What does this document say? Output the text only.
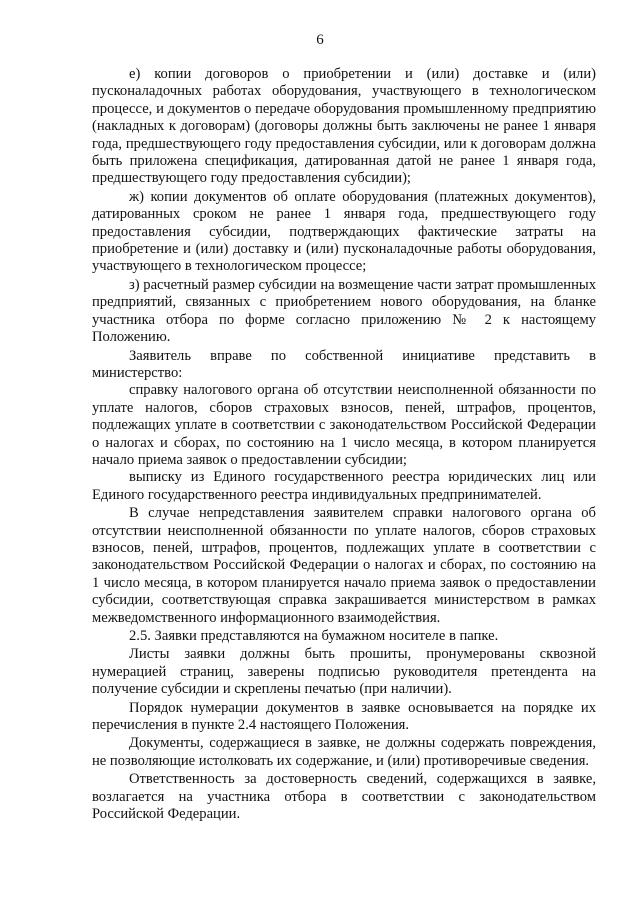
6

е) копии договоров о приобретении и (или) доставке и (или) пусконаладочных работах оборудования, участвующего в технологическом процессе, и документов о передаче оборудования промышленному предприятию (накладных к договорам) (договоры должны быть заключены не ранее 1 января года, предшествующего году предоставления субсидии, или к договорам должна быть приложена спецификация, датированная датой не ранее 1 января года, предшествующего году предоставления субсидии);

ж) копии документов об оплате оборудования (платежных документов), датированных сроком не ранее 1 января года, предшествующего году предоставления субсидии, подтверждающих фактические затраты на приобретение и (или) доставку и (или) пусконаладочные работы оборудования, участвующего в технологическом процессе;

з) расчетный размер субсидии на возмещение части затрат промышленных предприятий, связанных с приобретением нового оборудования, на бланке участника отбора по форме согласно приложению № 2 к настоящему Положению.

Заявитель вправе по собственной инициативе представить в министерство:

справку налогового органа об отсутствии неисполненной обязанности по уплате налогов, сборов страховых взносов, пеней, штрафов, процентов, подлежащих уплате в соответствии с законодательством Российской Федерации о налогах и сборах, по состоянию на 1 число месяца, в котором планируется начало приема заявок о предоставлении субсидии;

выписку из Единого государственного реестра юридических лиц или Единого государственного реестра индивидуальных предпринимателей.

В случае непредставления заявителем справки налогового органа об отсутствии неисполненной обязанности по уплате налогов, сборов страховых взносов, пеней, штрафов, процентов, подлежащих уплате в соответствии с законодательством Российской Федерации о налогах и сборах, по состоянию на 1 число месяца, в котором планируется начало приема заявок о предоставлении субсидии, соответствующая справка закрашивается министерством в рамках межведомственного информационного взаимодействия.

2.5. Заявки представляются на бумажном носителе в папке.

Листы заявки должны быть прошиты, пронумерованы сквозной нумерацией страниц, заверены подписью руководителя претендента на получение субсидии и скреплены печатью (при наличии).

Порядок нумерации документов в заявке основывается на порядке их перечисления в пункте 2.4 настоящего Положения.

Документы, содержащиеся в заявке, не должны содержать повреждения, не позволяющие истолковать их содержание, и (или) противоречивые сведения.

Ответственность за достоверность сведений, содержащихся в заявке, возлагается на участника отбора в соответствии с законодательством Российской Федерации.
